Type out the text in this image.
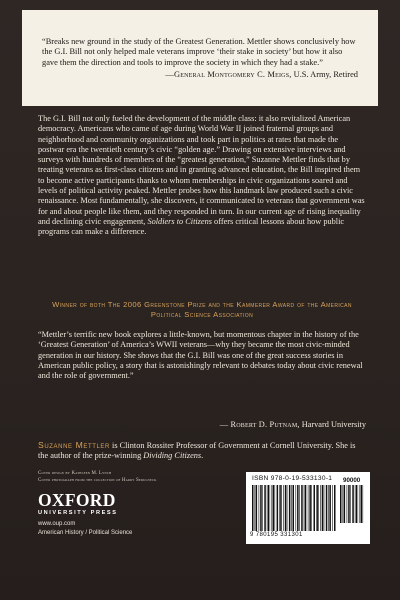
“Breaks new ground in the study of the Greatest Generation. Mettler shows conclusively how the G.I. Bill not only helped male veterans improve ‘their stake in society’ but how it also gave them the direction and tools to improve the society in which they had a stake.”

—General Montgomery C. Meigs, U.S. Army, Retired

The G.I. Bill not only fueled the development of the middle class: it also revitalized American democracy. Americans who came of age during World War II joined fraternal groups and neighborhood and community organizations and took part in politics at rates that made the postwar era the twentieth century’s civic “golden age.” Drawing on extensive interviews and surveys with hundreds of members of the “greatest generation,” Suzanne Mettler finds that by treating veterans as first-class citizens and in granting advanced education, the Bill inspired them to become active participants thanks to whom memberships in civic organizations soared and levels of political activity peaked. Mettler probes how this landmark law produced such a civic renaissance. Most fundamentally, she discovers, it communicated to veterans that government was for and about people like them, and they responded in turn. In our current age of rising inequality and declining civic engagement, Soldiers to Citizens offers critical lessons about how public programs can make a difference.

Winner of both The 2006 Greenstone Prize and the Kammerer Award of the American Political Science Association

“Mettler’s terrific new book explores a little-known, but momentous chapter in the history of the ‘Greatest Generation’ of America’s WWII veterans—why they became the most civic-minded generation in our history. She shows that the G.I. Bill was one of the great success stories in American public policy, a story that is astonishingly relevant to debates today about civic renewal and the role of government.”

— Robert D. Putnam, Harvard University

Suzanne Mettler is Clinton Rossiter Professor of Government at Cornell University. She is the author of the prize-winning Dividing Citizens.

Cover design by Kathleen M. Lynch
Cover photograph from the collection of Harry Serulneck
OXFORD
UNIVERSITY PRESS
www.oup.com
American History / Political Science
ISBN 978-0-19-533130-1 90000
9 780195 331301
